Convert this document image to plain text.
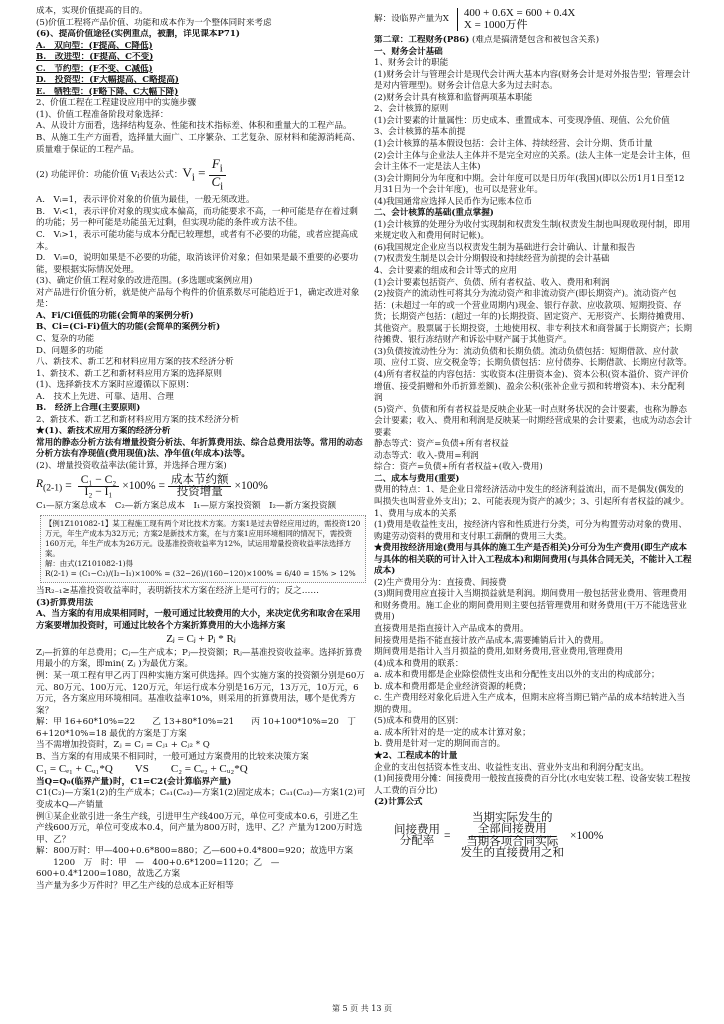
成本，实现价值提高的目的。
(5)价值工程将产品价值、功能和成本作为一个整体同时来考虑
(6)、提高价值途径(实例重点，被删，详见课本P71)
A.　双向型：(F提高、C降低)
B.　改进型：(F提高、C不变)
C.　节约型：(F不变、C减低)
D.　投资型：(F大幅提高、C略提高)
E.　牺牲型：(F略下降、C大幅下降)
2、价值工程在工程建设应用中的实施步骤
(1)、价值工程准备阶段对象选择：
A、从设计方面看，选择结构复杂、性能和技术指标差、体积和重量大的工程产品。
B、从施工生产方面看，选择量大面广、工序繁杂、工艺复杂、原材料和能源消耗高、质量难于保证的工程产品。
(2) 功能评价：功能价值 V i 表达公式： $V_i = \frac{F_i}{C_i}$
A.　Vᵢ=1，表示评价对象的价值为最佳，一般无须改进。
B.　Vᵢ<1，表示评价对象的现实成本偏高，而功能要求不高，一种可能是存在着过剩的功能；另一种可能是功能虽无过剩，但实现功能的条件或方法不佳。
C.　Vᵢ>1，表示可能功能与成本分配已较理想，或者有不必要的功能，或者应提高成本。
D.　Vᵢ=0，说明如果是不必要的功能，取消该评价对象；但如果是最不重要的必要功能，要根据实际情况处理。
(3)、确定价值工程对象的改进范围。(多选题或案例应用)
对产品进行价值分析，就是使产品每个构件的价值系数尽可能趋近于1，确定改进对象是：
A、Fi/Ci值低的功能(会简单的案例分析)
B、Ci=(Ci-Fi)值大的功能(会简单的案例分析)
C、复杂的功能
D、问题多的功能
八、新技术、新工艺和材料应用方案的技术经济分析
1、新技术、新工艺和新材料应用方案的选择原则
(1)、选择新技术方案时应遵循以下原则：
A.　技术上先进、可靠、适用、合理
B.　经济上合理(主要原则)
2、新技术、新工艺和新材料应用方案的技术经济分析
★(1)、新技术应用方案的经济分析
常用的静态分析方法有增量投资分析法、年折算费用法、综合总费用法等。常用的动态分析方法有净现值(费用现值)法、净年值(年成本)法等。
(2)、增量投资收益率法(能计算，并选择合理方案)
$R_{(2-1)} = \frac{\text{C₁ − C₂}}{\text{I₂ − I₁}} \times 100\% = \frac{\text{成本节约额}}{\text{投资增量}} \times 100\%$
C₁—原方案总成本　C₂—新方案总成本　I₁—原方案投资额　I₂—新方案投资额
【例1Z101082-1】某工程施工现有两个对比技术方案。方案1是过去曾经应用过的，需投资120万元，年生产成本为32万元；方案2是新技术方案，在与方案1应用环境相同的情况下，需投资160万元，年生产成本为26万元。设基准投资收益率为12%，试运用增量投资收益率法选择方案。
解：由式(1Z101082-1)得
R(2-1) = (C₁−C₂)/(I₂−I₁)×100% = (32−26)/(160−120)×100% = 6/40 = 15% > 12%
当R₂₋₁≥基准投资收益率时，表明新技术方案在经济上是可行的；反之……
(3)折算费用法
A、当方案的有用成果相同时，一般可通过比较费用的大小，来决定优劣和取舍在采用方案要增加投资时，可通过比较各个方案折算费用的大小选择方案
Zⱼ = Cⱼ + Pⱼ * Rⱼ
Zⱼ—折算的年总费用；Cⱼ—生产成本；Pⱼ—投资额；Rⱼ—基准投资收益率。选择折算费用最小的方案，即min( Zⱼ )为最优方案。
例：某一项工程有甲乙丙丁四种实施方案可供选择。四个实施方案的投资额分别是60万元、80万元、100万元、120万元，年运行成本分别是16万元，13万元，10万元，6万元，各方案应用环境相同。基准收益率10%，则采用的折算费用法，哪个是优秀方案？
解：甲 16+60*10%=22　　乙 13+80*10%=21　　丙 10+100*10%=20　丁 6+120*10%=18 最优的方案是丁方案
当不需增加投资时，Zⱼ = Cⱼ = Cⱼ₁ + Cⱼ₂ * Q
B、当方案的有用成果不相同时，一般可通过方案费用的比较来决策方案
C₁ = Cₑ₁ + Cᵤ₁*Q　　VS　　C₂ = Cₑ₂ + Cᵤ₂*Q
当Q=Q₀(临界产量)时，C1=C2(会计算临界产量)
C1(C₂)—方案1(2)的生产成本；Cₑ₁(Cₑ₂)—方案1(2)固定成本；Cᵤ₁(Cᵤ₂)—方案1(2)可变成本Q—产销量
例①某企业欲引进一条生产线，引进甲生产线400万元，单位可变成本0.6，引进乙生产线600万元，单位可变成本0.4，问产量为800万时，选甲、乙？产量为1200万时选甲、乙？
解：800万时：甲—400+0.6*800=880；乙—600+0.4*800=920；故选甲方案
　　1200　万　时：甲　—　400+0.6*1200=1120；乙　—　600+0.4*1200=1080，故选乙方案
当产量为多少万件时？甲乙生产线的总成本正好相等
解：设临界产量为X 400 + 0.6X = 600 + 0.4X
X = 1000万件
第二章：工程财务(P86) (难点是搞清楚包含和被包含关系)
一、财务会计基础
1、财务会计的职能
(1)财务会计与管理会计是现代会计两大基本内容(财务会计是对外报告型；管理会计是对内管理型)。财务会计信息大多为过去时态。
(2)财务会计具有核算和监督两项基本职能
2、会计核算的原则
(1)会计要素的计量属性：历史成本、重置成本、可变现净值、现值、公允价值
3、会计核算的基本前提
(1)会计核算的基本假设包括：会计主体、持续经营、会计分期、货币计量
(2)会计主体与企业法人主体并不是完全对应的关系。(法人主体一定是会计主体，但会计主体不一定是法人主体)
(3)会计期间分为年度和中期。会计年度可以是日历年(我国)(即以公历1月1日至12月31日为一个会计年度)，也可以是营业年。
(4)我国通常应选择人民币作为记账本位币
二、会计核算的基础(重点掌握)
(1)会计核算的处理分为收付实现制和权责发生制(权责发生制也叫现收现付制，即用来规定收入和费用何时记帐)。
(6)我国规定企业应当以权责发生制为基础进行会计确认、计量和报告
(7)权责发生制是以会计分期假设和持续经营为前提的会计基础
4、会计要素的组成和会计等式的应用
(1)会计要素包括资产、负债、所有者权益、收入、费用和利润
(2)按资产的流动性可将其分为流动资产和非流动资产(即长期资产)。流动资产包括：(未超过一年的或一个营业周期内)现金、银行存款、应收款项、短期投资、存货；长期资产包括：(超过一年的)长期投资、固定资产、无形资产、长期待摊费用、其他资产。股票属于长期投资，土地使用权、非专利技术和商誉属于长期资产；长期待摊费、银行冻结财产和诉讼中财产属于其他资产。
(3)负债按流动性分为：流动负债和长期负债。流动负债包括：短期借款、应付款项、应付工资、应交税金等；长期负债包括：应付债券、长期借款、长期应付款等。
(4)所有者权益的内容包括：实收资本(注册资本金)、资本公积(资本溢价、资产评价增值、接受捐赠和外币折算差额)、盈余公积(张补企业亏损和转增资本)、未分配利润
(5)资产、负债和所有者权益是反映企业某一时点财务状况的会计要素，也称为静态会计要素；收入、费用和利润是反映某一时期经营成果的会计要素，也成为动态会计要素
静态等式：资产=负债+所有者权益
动态等式：收入-费用=利润
综合：资产=负债+所有者权益+(收入-费用)
二、成本与费用(重要)
费用的特点：1、是企业日常经济活动中发生的经济利益流出，而不是偶发(偶发的叫损失也叫营业外支出)；2、可能表现为资产的减少；3、引起所有者权益的减少。
1、费用与成本的关系
(1)费用是收益性支出，按经济内容和性质进行分类，可分为构置劳动对象的费用、购建劳动资料的费用和支付职工薪酬的费用三大类。
★费用按经济用途(费用与具体的施工生产是否相关)分可分为生产费用(即生产成本与具体的相关联的可计入计入工程成本)和期间费用(与具体合同无关，不能计入工程成本)
(2)生产费用分为：直接费、间接费
(3)期间费用应直接计入当期损益就是利润。期间费用一般包括营业费用、管理费用和财务费用。施工企业的期间费用则主要包括管理费用和财务费用(干万不能选营业费用)
直接费用是指直接计入产品成本的费用。
间接费用是指不能直接计放产品成本,需要摊销后计入的费用。
期间费用是指计入当月损益的费用,如财务费用,营业费用,管理费用
(4)成本和费用的联系：
a. 成本和费用都是企业除偿债性支出和分配性支出以外的支出的构成部分；
b. 成本和费用都是企业经济资源的耗费；
c. 生产费用经对象化后进入生产成本，但期末应将当期已销产品的成本结转进入当期的费用。
(5)成本和费用的区别：
a. 成本所针对的是一定的成本计算对象；
b. 费用是针对一定的期间而言的。
★2、工程成本的计量
企业的支出包括资本性支出、收益性支出、营业外支出和利润分配支出。
(1)间接费用分摊：间接费用一般按直接费的百分比(水电安装工程、设备安装工程按人工费的百分比)
(2)计算公式
间接费用
分配率 = 当期实际发生的
全部间接费用
当期各项合同实际
发生的直接费用之和 ×100%
第 5 页 共 13 页
